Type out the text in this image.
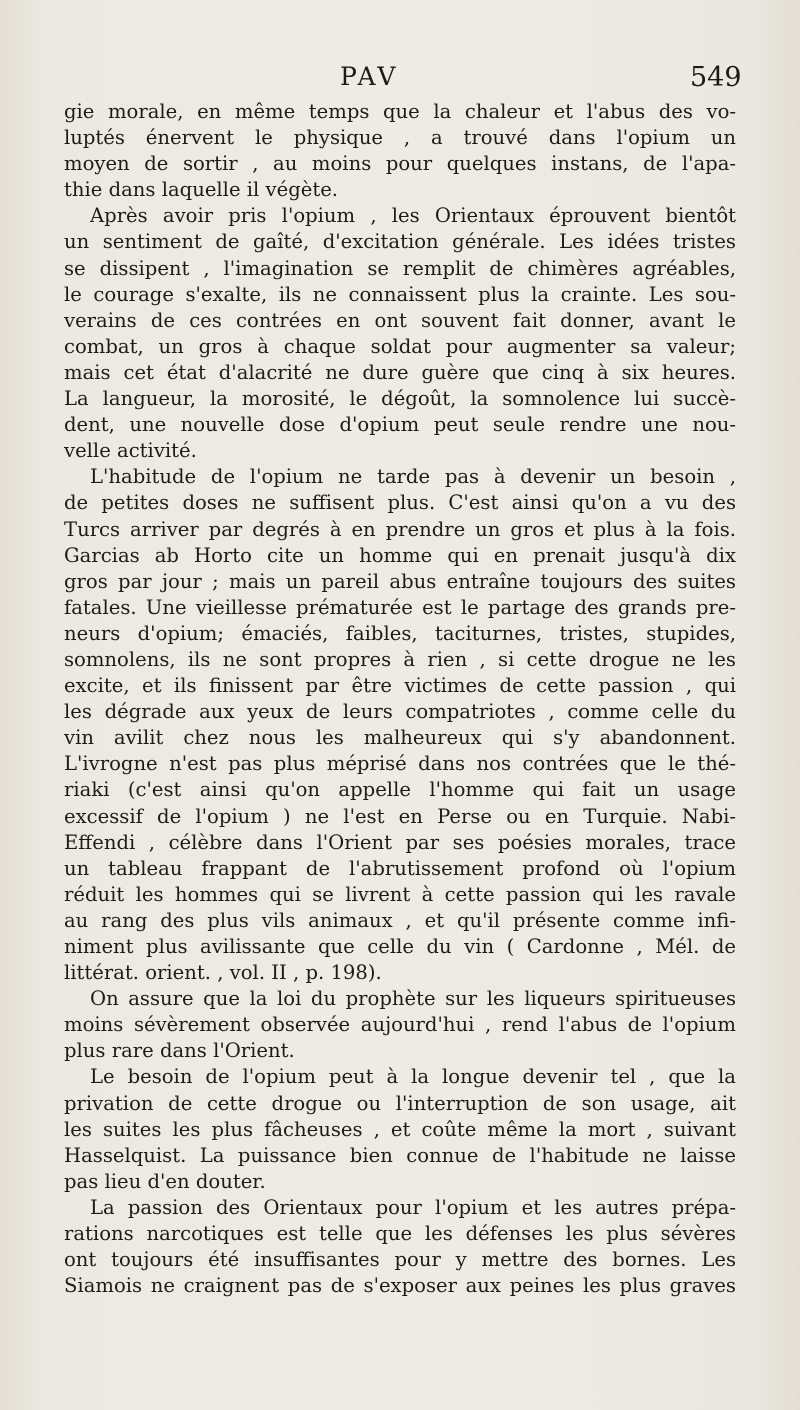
PAV	549
gie morale, en même temps que la chaleur et l'abus des vo-
luptés énervent le physique , a trouvé dans l'opium un
moyen de sortir , au moins pour quelques instans, de l'apa-
thie dans laquelle il végète.
Après avoir pris l'opium , les Orientaux éprouvent bientôt
un sentiment de gaîté, d'excitation générale. Les idées tristes
se dissipent , l'imagination se remplit de chimères agréables,
le courage s'exalte, ils ne connaissent plus la crainte. Les sou-
verains de ces contrées en ont souvent fait donner, avant le
combat, un gros à chaque soldat pour augmenter sa valeur;
mais cet état d'alacrité ne dure guère que cinq à six heures.
La langueur, la morosité, le dégoût, la somnolence lui succè-
dent, une nouvelle dose d'opium peut seule rendre une nou-
velle activité.
L'habitude de l'opium ne tarde pas à devenir un besoin ,
de petites doses ne suffisent plus. C'est ainsi qu'on a vu des
Turcs arriver par degrés à en prendre un gros et plus à la fois.
Garcias ab Horto cite un homme qui en prenait jusqu'à dix
gros par jour ; mais un pareil abus entraîne toujours des suites
fatales. Une vieillesse prématurée est le partage des grands pre-
neurs d'opium; émaciés, faibles, taciturnes, tristes, stupides,
somnolens, ils ne sont propres à rien , si cette drogue ne les
excite, et ils finissent par être victimes de cette passion , qui
les dégrade aux yeux de leurs compatriotes , comme celle du
vin avilit chez nous les malheureux qui s'y abandonnent.
L'ivrogne n'est pas plus méprisé dans nos contrées que le thé-
riaki (c'est ainsi qu'on appelle l'homme qui fait un usage
excessif de l'opium ) ne l'est en Perse ou en Turquie. Nabi-
Effendi , célèbre dans l'Orient par ses poésies morales, trace
un tableau frappant de l'abrutissement profond où l'opium
réduit les hommes qui se livrent à cette passion qui les ravale
au rang des plus vils animaux , et qu'il présente comme infi-
niment plus avilissante que celle du vin ( Cardonne , Mél. de
littérat. orient. , vol. II , p. 198).
On assure que la loi du prophète sur les liqueurs spiritueuses
moins sévèrement observée aujourd'hui , rend l'abus de l'opium
plus rare dans l'Orient.
Le besoin de l'opium peut à la longue devenir tel , que la
privation de cette drogue ou l'interruption de son usage, ait
les suites les plus fâcheuses , et coûte même la mort , suivant
Hasselquist. La puissance bien connue de l'habitude ne laisse
pas lieu d'en douter.
La passion des Orientaux pour l'opium et les autres prépa-
rations narcotiques est telle que les défenses les plus sévères
ont toujours été insuffisantes pour y mettre des bornes. Les
Siamois ne craignent pas de s'exposer aux peines les plus graves
